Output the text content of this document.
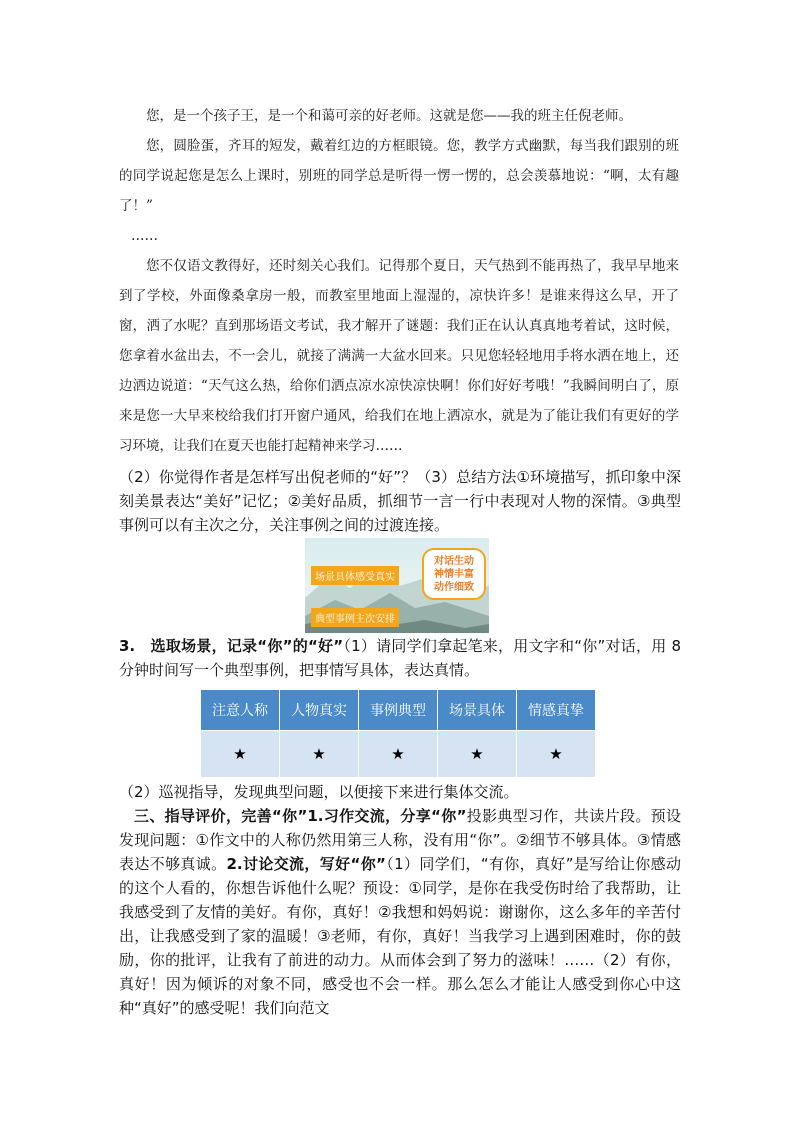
您，是一个孩子王，是一个和蔼可亲的好老师。这就是您——我的班主任倪老师。

您，圆脸蛋，齐耳的短发，戴着红边的方框眼镜。您，教学方式幽默，每当我们跟别的班的同学说起您是怎么上课时，别班的同学总是听得一愣一愣的，总会羡慕地说：“啊，太有趣了！”

……

您不仅语文教得好，还时刻关心我们。记得那个夏日，天气热到不能再热了，我早早地来到了学校，外面像桑拿房一般，而教室里地面上湿湿的，凉快许多！是谁来得这么早，开了窗，洒了水呢？直到那场语文考试，我才解开了谜题：我们正在认认真真地考着试，这时候，您拿着水盆出去，不一会儿，就接了满满一大盆水回来。只见您轻轻地用手将水洒在地上，还边洒边说道：“天气这么热，给你们洒点凉水凉快凉快啊！你们好好考哦！”我瞬间明白了，原来是您一大早来校给我们打开窗户通风，给我们在地上洒凉水，就是为了能让我们有更好的学习环境，让我们在夏天也能打起精神来学习……

（2）你觉得作者是怎样写出倪老师的“好”？（3）总结方法①环境描写，抓印象中深刻美景表达“美好”记忆；②美好品质，抓细节一言一行中表现对人物的深情。③典型事例可以有主次之分，关注事例之间的过渡连接。

场景具体感受真实
典型事例主次安排
对话生动
神情丰富
动作细致

3.　选取场景，记录“你”的“好”（1）请同学们拿起笔来，用文字和“你”对话，用 8 分钟时间写一个典型事例，把事情写具体，表达真情。

注意人称	人物真实	事例典型	场景具体	情感真挚
★	★	★	★	★

（2）巡视指导，发现典型问题，以便接下来进行集体交流。

三、指导评价，完善“你”1.习作交流，分享“你”投影典型习作，共读片段。预设发现问题：①作文中的人称仍然用第三人称，没有用“你”。②细节不够具体。③情感表达不够真诚。2.讨论交流，写好“你”（1）同学们，“有你，真好”是写给让你感动的这个人看的，你想告诉他什么呢？预设：①同学，是你在我受伤时给了我帮助，让我感受到了友情的美好。有你，真好！②我想和妈妈说：谢谢你，这么多年的辛苦付出，让我感受到了家的温暖！③老师，有你，真好！当我学习上遇到困难时，你的鼓励，你的批评，让我有了前进的动力。从而体会到了努力的滋味！……（2）有你，真好！因为倾诉的对象不同，感受也不会一样。那么怎么才能让人感受到你心中这种“真好”的感受呢！我们向范文
